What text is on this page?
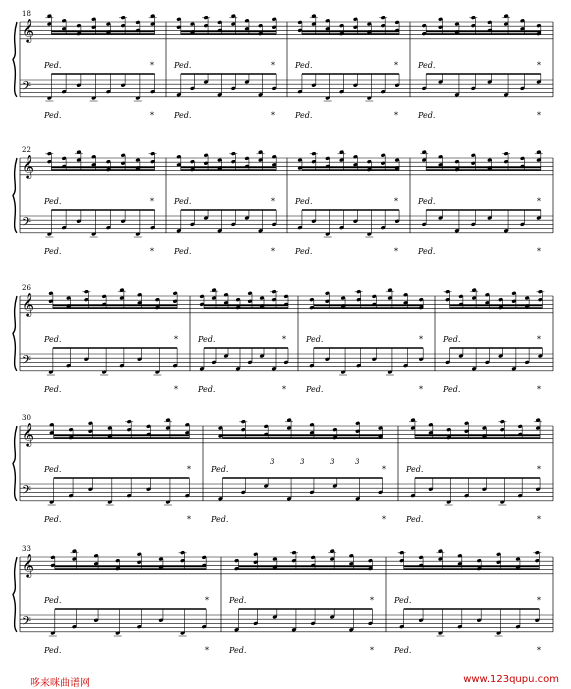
𝄞
𝄢
Ped.	*
Ped.	*
Ped.	*
Ped.	*
Ped.	*
Ped.	*
Ped.	*
Ped.	*
𝄞
𝄢
Ped.	*
Ped.	*
Ped.	*
Ped.	*
Ped.	*
Ped.	*
Ped.	*
Ped.	*
𝄞
𝄢
Ped.	*
Ped.	*
Ped.	*
Ped.	*
Ped.	*
Ped.	*
Ped.	*
Ped.	*
𝄞
𝄢
Ped.	*
Ped.	*
Ped.	*
Ped.	*
Ped.	*
Ped.	*
𝄞
𝄢
Ped.	*
Ped.	*
Ped.	*
Ped.	*
Ped.	*
Ped.	*
3	3	3	3
18
22
26
30
33
哆来咪曲谱网	www.123qupu.com
